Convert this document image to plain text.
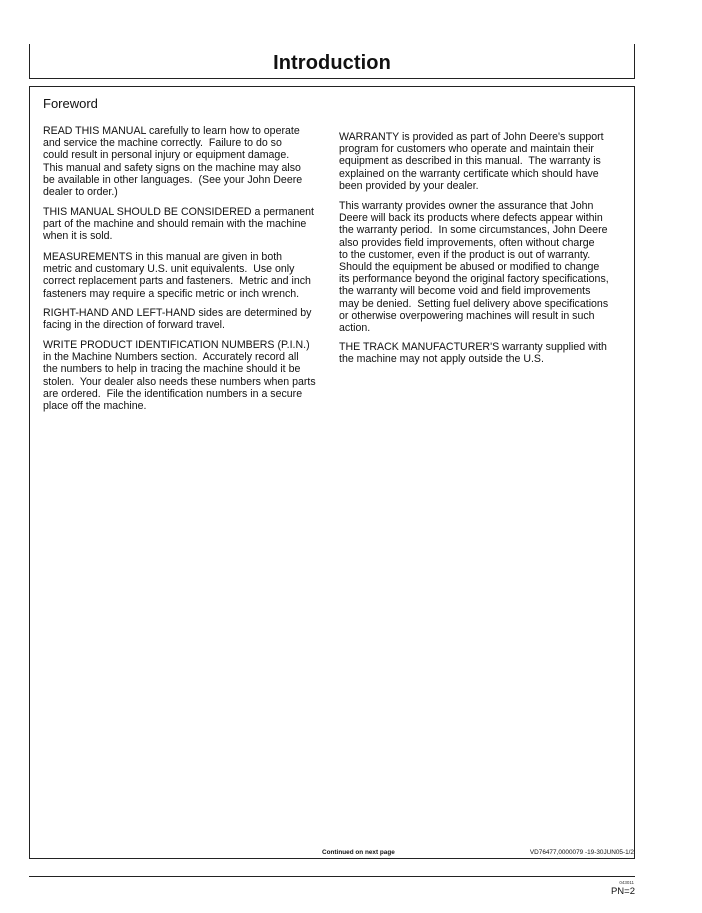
Introduction
Foreword

READ THIS MANUAL carefully to learn how to operate
and service the machine correctly.  Failure to do so
could result in personal injury or equipment damage.
This manual and safety signs on the machine may also
be available in other languages.  (See your John Deere
dealer to order.)

THIS MANUAL SHOULD BE CONSIDERED a permanent
part of the machine and should remain with the machine
when it is sold.

MEASUREMENTS in this manual are given in both
metric and customary U.S. unit equivalents.  Use only
correct replacement parts and fasteners.  Metric and inch
fasteners may require a specific metric or inch wrench.

RIGHT-HAND AND LEFT-HAND sides are determined by
facing in the direction of forward travel.

WRITE PRODUCT IDENTIFICATION NUMBERS (P.I.N.)
in the Machine Numbers section.  Accurately record all
the numbers to help in tracing the machine should it be
stolen.  Your dealer also needs these numbers when parts
are ordered.  File the identification numbers in a secure
place off the machine.

WARRANTY is provided as part of John Deere's support
program for customers who operate and maintain their
equipment as described in this manual.  The warranty is
explained on the warranty certificate which should have
been provided by your dealer.

This warranty provides owner the assurance that John
Deere will back its products where defects appear within
the warranty period.  In some circumstances, John Deere
also provides field improvements, often without charge
to the customer, even if the product is out of warranty.
Should the equipment be abused or modified to change
its performance beyond the original factory specifications,
the warranty will become void and field improvements
may be denied.  Setting fuel delivery above specifications
or otherwise overpowering machines will result in such
action.

THE TRACK MANUFACTURER'S warranty supplied with
the machine may not apply outside the U.S.

Continued on next page	VD76477,0000079 -19-30JUN05-1/2
043011
PN=2
